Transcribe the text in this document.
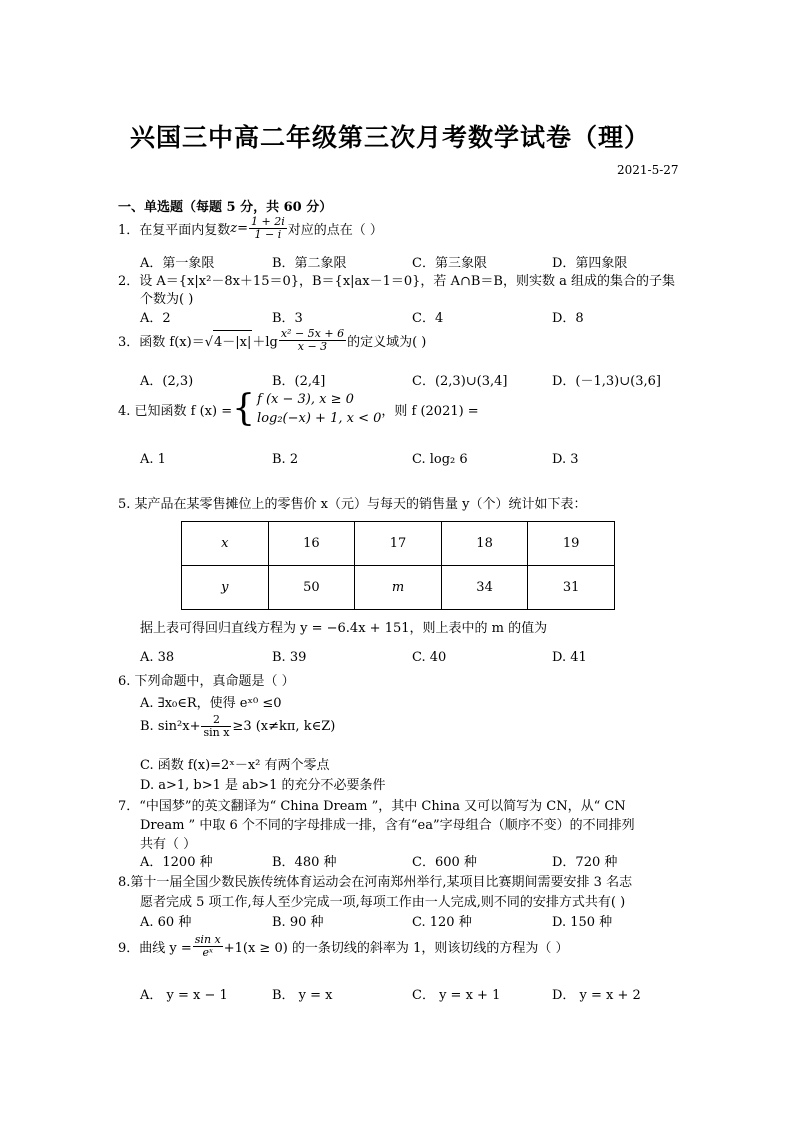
兴国三中高二年级第三次月考数学试卷（理）
2021-5-27
一、单选题（每题 5 分，共 60 分）
1．在复平面内复数 $z = \frac{1 + 2i}{1 - i}$ 对应的点在（ ）
A．第一象限	B．第二象限	C．第三象限	D．第四象限
2．设 A＝{x|x²－8x＋15＝0}，B＝{x|ax－1＝0}，若 A∩B＝B，则实数 a 组成的集合的子集
个数为( )
A．2	B．3	C．4	D．8
3．函数 f(x)＝√ $4-|x| +\lg \frac{\text{x² − 5x + 6}}{x - 3}$ 的定义域为( )
A．(2,3)	B．(2,4]	C．(2,3)∪(3,4]	D．(－1,3)∪(3,6]
4. 已知函数 f (x) = { f (x − 3), x ≥ 0
log₂(−x) + 1, x < 0 ，则 f (2021) =
A. 1	B. 2	C. log₂ 6	D. 3
5. 某产品在某零售摊位上的零售价 x（元）与每天的销售量 y（个）统计如下表：
x	16	17	18	19
y	50	m	34	31
据上表可得回归直线方程为 y = −6.4x + 151，则上表中的 m 的值为
A. 38	B. 39	C. 40	D. 41
6. 下列命题中，真命题是（ ）
A. ∃x₀∈R，使得 eˣ⁰ ≤0
B. $\sin^2x+ \frac{2}{\text{sin x}} \ge 3$ (x≠kπ, k∈Z)
C. 函数 f(x)=2ˣ－x² 有两个零点
D. a>1, b>1 是 ab>1 的充分不必要条件
7．“中国梦”的英文翻译为“ China Dream ”，其中 China 又可以简写为 CN，从“ CN
Dream ” 中取 6 个不同的字母排成一排，含有“ea”字母组合（顺序不变）的不同排列
共有（ ）
A．1200 种	B．480 种	C．600 种	D．720 种
8.第十一届全国少数民族传统体育运动会在河南郑州举行,某项目比赛期间需要安排 3 名志
愿者完成 5 项工作,每人至少完成一项,每项工作由一人完成,则不同的安排方式共有( )
A. 60 种	B. 90 种	C. 120 种	D. 150 种
9．曲线 $y = \frac{\text{sin x}}{\text{eˣ}} +1(x \ge 0)$ 的一条切线的斜率为 1，则该切线的方程为（ ）
A． y = x − 1	B． y = x	C． y = x + 1	D． y = x + 2
